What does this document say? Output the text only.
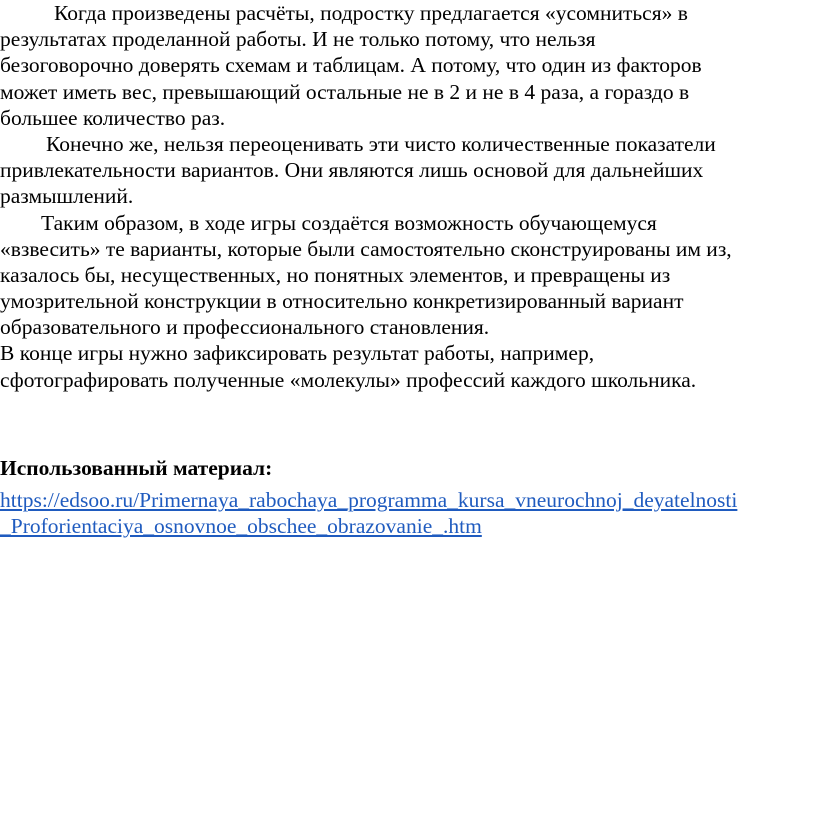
Когда произведены расчёты, подростку предлагается «усомниться» в
результатах проделанной работы. И не только потому, что нельзя
безоговорочно доверять схемам и таблицам. А потому, что один из факторов
может иметь вес, превышающий остальные не в 2 и не в 4 раза, а гораздо в
большее количество раз.
Конечно же, нельзя переоценивать эти чисто количественные показатели
привлекательности вариантов. Они являются лишь основой для дальнейших
размышлений.
Таким образом, в ходе игры создаётся возможность обучающемуся
«взвесить» те варианты, которые были самостоятельно сконструированы им из,
казалось бы, несущественных, но понятных элементов, и превращены из
умозрительной конструкции в относительно конкретизированный вариант
образовательного и профессионального становления.
В конце игры нужно зафиксировать результат работы, например,
сфотографировать полученные «молекулы» профессий каждого школьника.
Использованный материал:
https://edsoo.ru/Primernaya_rabochaya_programma_kursa_vneurochnoj_deyatelnosti
_Proforientaciya_osnovnoe_obschee_obrazovanie_.htm
